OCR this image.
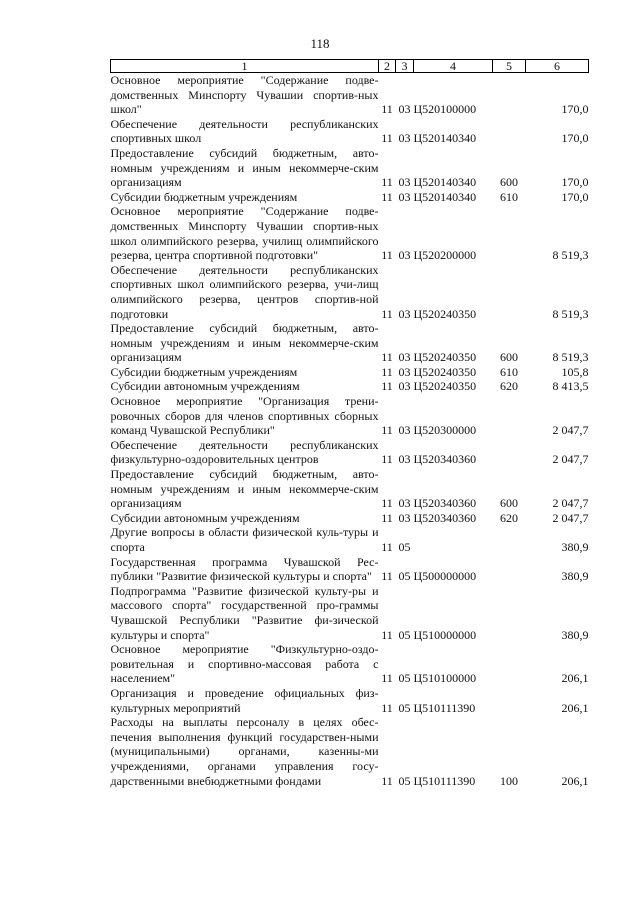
118
1	2	3	4	5	6
Основное мероприятие "Содержание подве-домственных Минспорту Чувашии спортив-ных школ"	11	03	Ц520100000		170,0
Обеспечение деятельности республиканских спортивных школ	11	03	Ц520140340		170,0
Предоставление субсидий бюджетным, авто-номным учреждениям и иным некоммерче-ским организациям	11	03	Ц520140340	600	170,0
Субсидии бюджетным учреждениям	11	03	Ц520140340	610	170,0
Основное мероприятие "Содержание подве-домственных Минспорту Чувашии спортив-ных школ олимпийского резерва, училищ олимпийского резерва, центра спортивной подготовки"	11	03	Ц520200000		8 519,3
Обеспечение деятельности республиканских спортивных школ олимпийского резерва, учи-лищ олимпийского резерва, центров спортив-ной подготовки	11	03	Ц520240350		8 519,3
Предоставление субсидий бюджетным, авто-номным учреждениям и иным некоммерче-ским организациям	11	03	Ц520240350	600	8 519,3
Субсидии бюджетным учреждениям	11	03	Ц520240350	610	105,8
Субсидии автономным учреждениям	11	03	Ц520240350	620	8 413,5
Основное мероприятие "Организация трени-ровочных сборов для членов спортивных сборных команд Чувашской Республики"	11	03	Ц520300000		2 047,7
Обеспечение деятельности республиканских физкультурно-оздоровительных центров	11	03	Ц520340360		2 047,7
Предоставление субсидий бюджетным, авто-номным учреждениям и иным некоммерче-ским организациям	11	03	Ц520340360	600	2 047,7
Субсидии автономным учреждениям	11	03	Ц520340360	620	2 047,7
Другие вопросы в области физической куль-туры и спорта	11	05			380,9
Государственная программа Чувашской Рес-публики "Развитие физической культуры и спорта"	11	05	Ц500000000		380,9
Подпрограмма "Развитие физической культу-ры и массового спорта" государственной про-граммы Чувашской Республики "Развитие фи-зической культуры и спорта"	11	05	Ц510000000		380,9
Основное мероприятие "Физкультурно-оздо-ровительная и спортивно-массовая работа с населением"	11	05	Ц510100000		206,1
Организация и проведение официальных физ-культурных мероприятий	11	05	Ц510111390		206,1
Расходы на выплаты персоналу в целях обес-печения выполнения функций государствен-ными (муниципальными) органами, казенны-ми учреждениями, органами управления госу-дарственными внебюджетными фондами	11	05	Ц510111390	100	206,1
